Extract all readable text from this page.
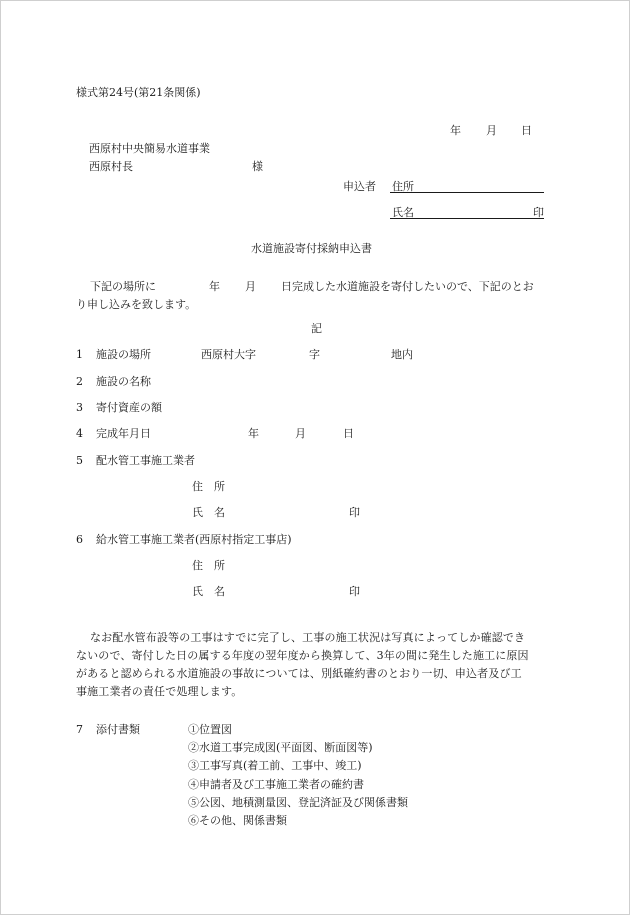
様式第24号(第21条関係)
年 月 日
西原村中央簡易水道事業
西原村長	様
申込者 住所
氏名	印
水道施設寄付採納申込書
下記の場所に	年 月 日完成した水道施設を寄付したいので、下記のとお
り申し込みを致します。
記
1 施設の場所	西原村大字	字	地内
2 施設の名称
3 寄付資産の額
4 完成年月日	年	月	日
5 配水管工事施工業者
住　所
氏　名	印
6 給水管工事施工業者(西原村指定工事店)
住　所
氏　名	印
なお配水管布設等の工事はすでに完了し、工事の施工状況は写真によってしか確認でき
ないので、寄付した日の属する年度の翌年度から換算して、3年の間に発生した施工に原因
があると認められる水道施設の事故については、別紙確約書のとおり一切、申込者及び工
事施工業者の責任で処理します。
7 添付書類	①位置図
②水道工事完成図(平面図、断面図等)
③工事写真(着工前、工事中、竣工)
④申請者及び工事施工業者の確約書
⑤公図、地積測量図、登記済証及び関係書類
⑥その他、関係書類
